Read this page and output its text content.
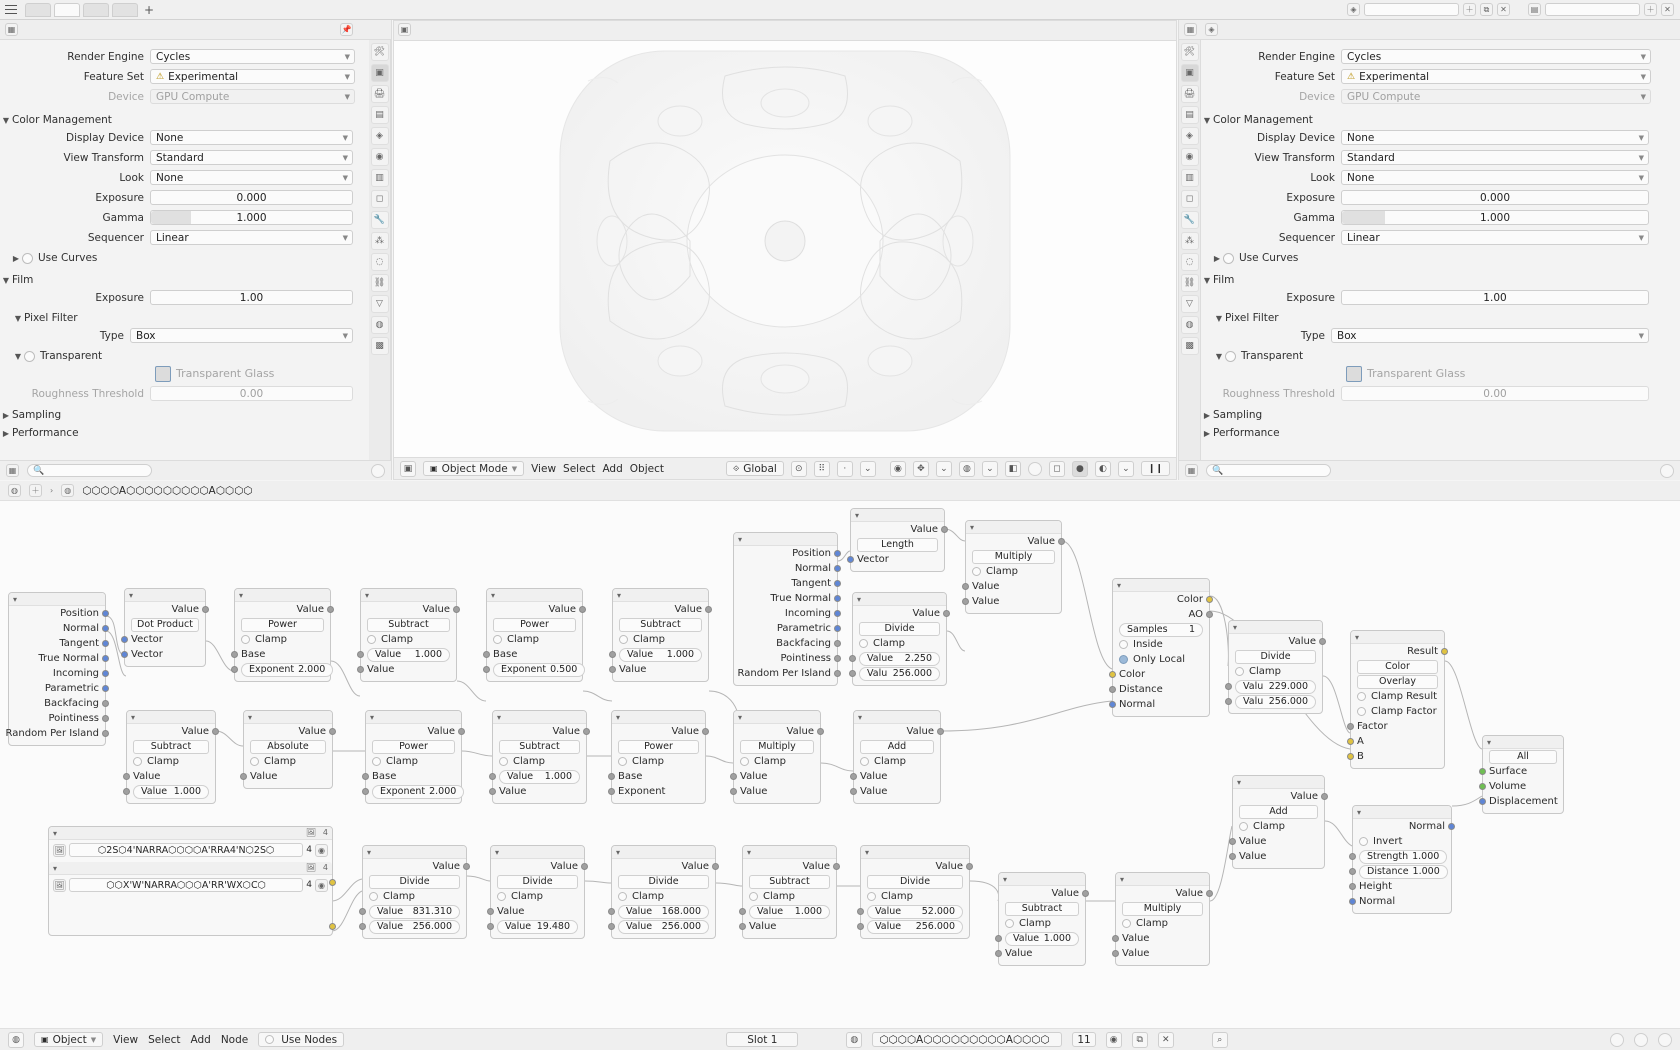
+	◈	＋	⧉	✕	▤	＋	✕
▦	📌
🛠
▣
🖨
▤
◈
◉
▥
◻
🔧
⁂
◌
⛓
▽
◍
▩
Render Engine	Cycles	▼
Feature Set	⚠ Experimental	▼
Device	GPU Compute	▼
▼ Color Management
Display Device	None	▼
View Transform	Standard	▼
Look	None	▼
Exposure	0.000
Gamma	1.000
Sequencer	Linear	▼
▶ Use Curves
▼ Film
Exposure	1.00
▼ Pixel Filter
Type	Box	▼
▼ Transparent
Transparent Glass
Roughness Threshold	0.00
▶ Sampling
▶ Performance
▦	🔍
▣
▣	▣ Object Mode ▼ View Select Add Object	⟐ Global	⊙	⠿	·	⌄	◉	✥	⌄	◍	⌄	◧	◻	●	◐	⌄	❙❙
▦	◈
🛠
▣
🖨
▤
◈
◉
▥
◻
🔧
⁂
◌
⛓
▽
◍
▩
Render Engine	Cycles	▼
Feature Set	⚠ Experimental	▼
Device	GPU Compute	▼
▼ Color Management
Display Device	None	▼
View Transform	Standard	▼
Look	None	▼
Exposure	0.000
Gamma	1.000
Sequencer	Linear	▼
▶ Use Curves
▼ Film
Exposure	1.00
▼ Pixel Filter
Type	Box	▼
▼ Transparent
Transparent Glass
Roughness Threshold	0.00
▶ Sampling
▶ Performance
▦	🔍
◍	＋	›	◍ ⬡⬡⬡⬡A⬡⬡⬡⬡⬡⬡⬡⬡⬡A⬡⬡⬡⬡
▾
Position
Normal
Tangent
True Normal
Incoming
Parametric
Backfacing
Pointiness
Random Per Island
▾
Value
Dot Product
Vector
Vector
▾
Value
Power
Clamp
Base
Exponent 2.000
▾
Value
Subtract
Clamp
Value 1.000
Value
▾
Value
Power
Clamp
Base
Exponent 0.500
▾
Value
Subtract
Clamp
Value 1.000
Value
▾
Position
Normal
Tangent
True Normal
Incoming
Parametric
Backfacing
Pointiness
Random Per Island
▾
Value
Length
Vector
▾
Value
Multiply
Clamp
Value
Value
▾
Value
Divide
Clamp
Value 2.250
Valu 256.000
▾
Color
AO
Samples 1
Inside
Only Local
Color
Distance
Normal
▾
Value
Divide
Clamp
Valu 229.000
Valu 256.000
▾
Result
Color
Overlay
Clamp Result
Clamp Factor
Factor
A
B
▾
All
Surface
Volume
Displacement
▾
Value
Subtract
Clamp
Value
Value 1.000
▾
Value
Absolute
Clamp
Value
▾
Value
Power
Clamp
Base
Exponent 2.000
▾
Value
Subtract
Clamp
Value 1.000
Value
▾
Value
Power
Clamp
Base
Exponent
▾
Value
Multiply
Clamp
Value
Value
▾
Value
Add
Clamp
Value
Value
▾
Value
Add
Clamp
Value
Value
▾
Normal
Invert
Strength 1.000
Distance 1.000
Height
Normal
▾	🖼 4
🖼	⬡2S⬡4'NARRA⬡⬡⬡⬡A'RRA4'N⬡2S⬡	4 ◉
▾	🖼 4
🖼	⬡⬡X'W'NARRA⬡⬡⬡A'RR'WX⬡C⬡	4 ◉
▾
Value
Divide
Clamp
Value 831.310
Value 256.000
▾
Value
Divide
Clamp
Value
Value 19.480
▾
Value
Divide
Clamp
Value 168.000
Value 256.000
▾
Value
Subtract
Clamp
Value 1.000
Value
▾
Value
Divide
Clamp
Value 52.000
Value 256.000
▾
Value
Subtract
Clamp
Value 1.000
Value
▾
Value
Multiply
Clamp
Value
Value
◍	▣ Object ▼ View Select Add Node	Use Nodes	Slot 1	◍	⬡⬡⬡⬡A⬡⬡⬡⬡⬡⬡⬡⬡⬡A⬡⬡⬡⬡	11	◉	⧉	✕	⌕
